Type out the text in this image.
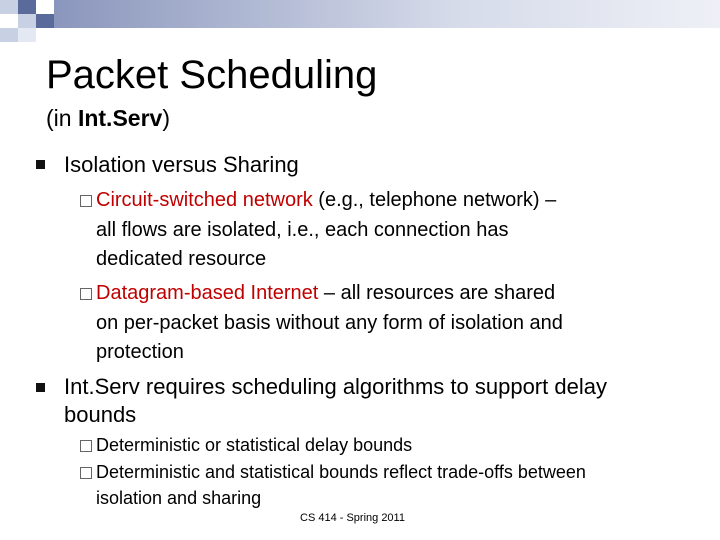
Packet Scheduling
(in Int.Serv)
Isolation versus Sharing
Circuit-switched network (e.g., telephone network) –
all flows are isolated, i.e., each connection has
dedicated resource
Datagram-based Internet – all resources are shared
on per-packet basis without any form of isolation and
protection
Int.Serv requires scheduling algorithms to support delay
bounds
Deterministic or statistical delay bounds
Deterministic and statistical bounds reflect trade-offs between
isolation and sharing
CS 414 - Spring 2011
